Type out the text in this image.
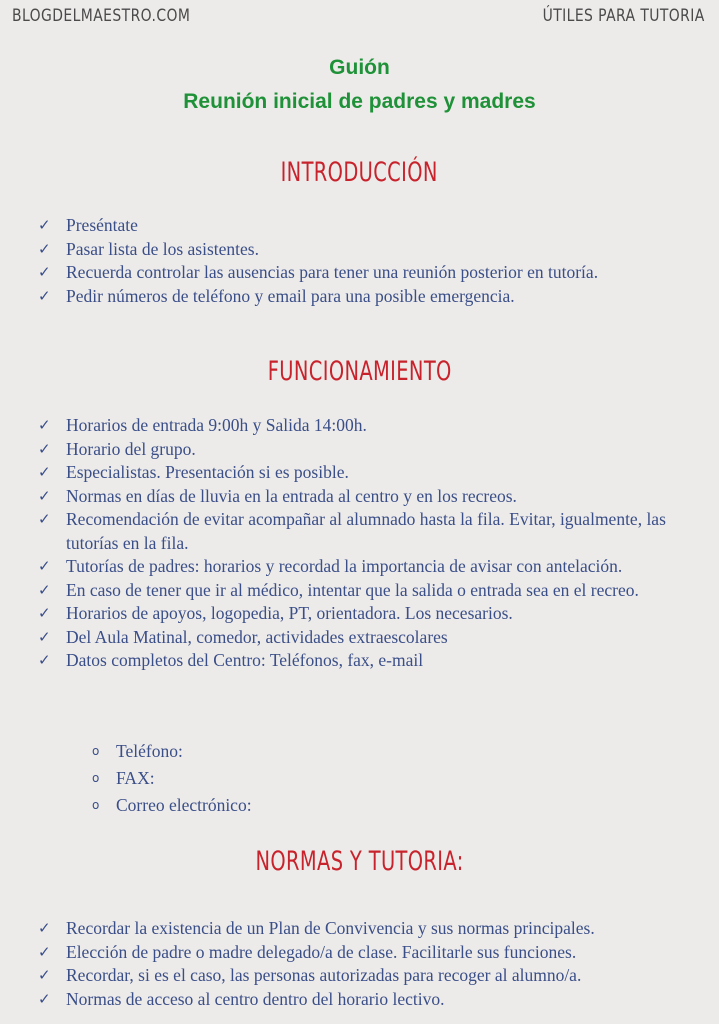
BLOGDELMAESTRO.COM	ÚTILES PARA TUTORIA
Guión
Reunión inicial de padres y madres
INTRODUCCIÓN
✓ Preséntate
✓ Pasar lista de los asistentes.
✓ Recuerda controlar las ausencias para tener una reunión posterior en tutoría.
✓ Pedir números de teléfono y email para una posible emergencia.
FUNCIONAMIENTO
✓ Horarios de entrada 9:00h y Salida 14:00h.
✓ Horario del grupo.
✓ Especialistas. Presentación si es posible.
✓ Normas en días de lluvia en la entrada al centro y en los recreos.
✓ Recomendación de evitar acompañar al alumnado hasta la fila. Evitar, igualmente, las tutorías en la fila.
✓ Tutorías de padres: horarios y recordad la importancia de avisar con antelación.
✓ En caso de tener que ir al médico, intentar que la salida o entrada sea en el recreo.
✓ Horarios de apoyos, logopedia, PT, orientadora. Los necesarios.
✓ Del Aula Matinal, comedor, actividades extraescolares
✓ Datos completos del Centro: Teléfonos, fax, e-mail
o Teléfono:
o FAX:
o Correo electrónico:
NORMAS Y TUTORIA:
✓ Recordar la existencia de un Plan de Convivencia y sus normas principales.
✓ Elección de padre o madre delegado/a de clase. Facilitarle sus funciones.
✓ Recordar, si es el caso, las personas autorizadas para recoger al alumno/a.
✓ Normas de acceso al centro dentro del horario lectivo.
